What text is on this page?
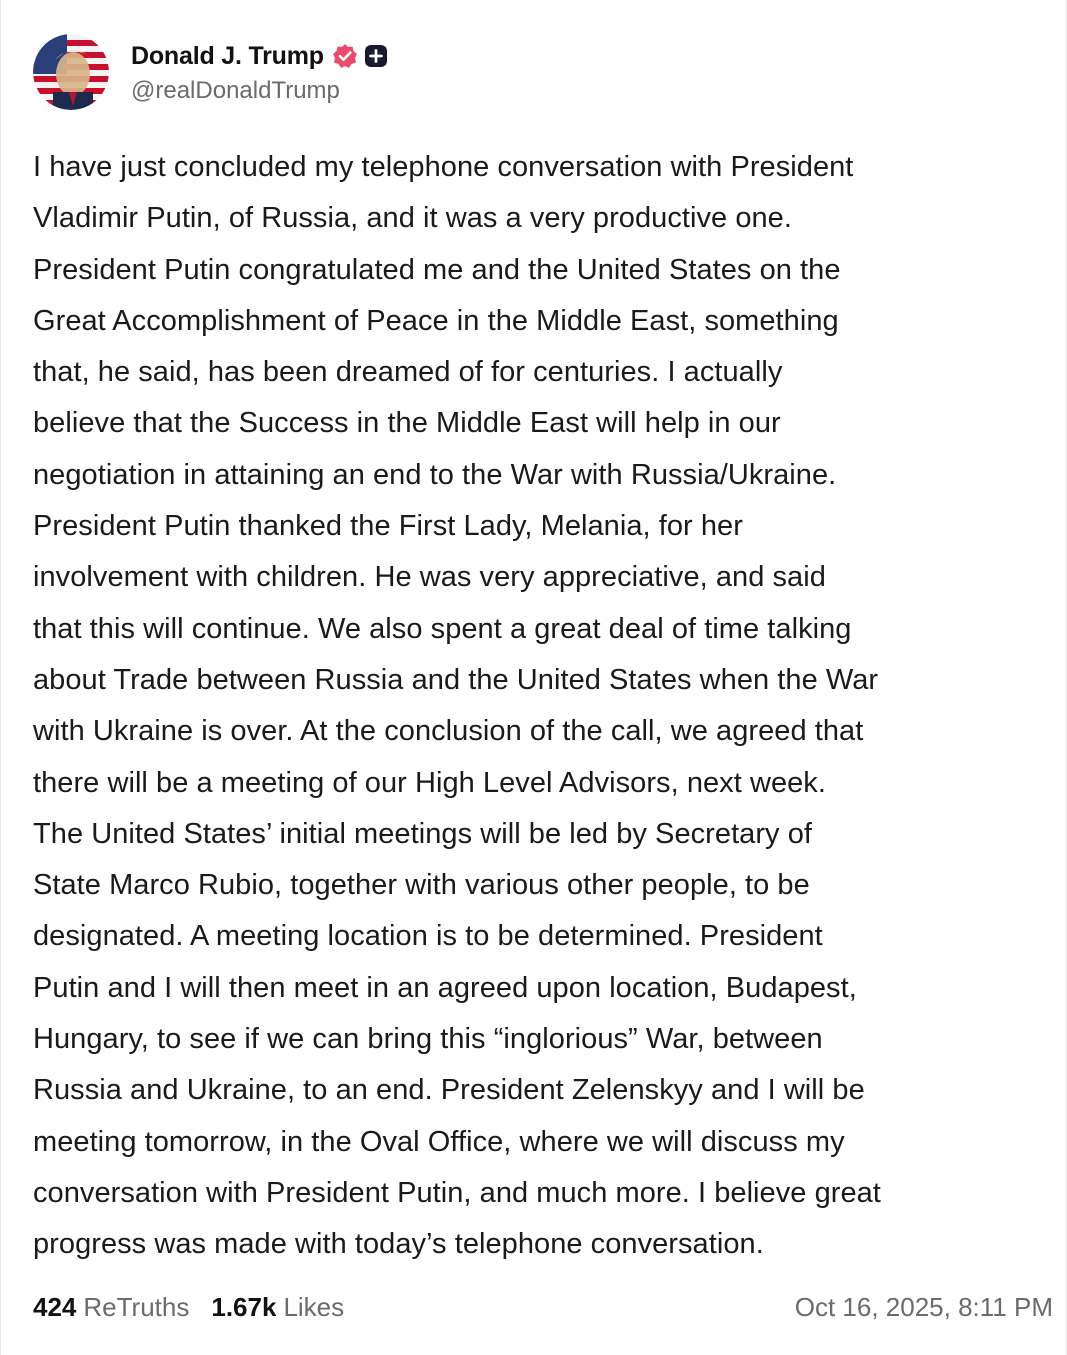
Donald J. Trump
@realDonaldTrump
I have just concluded my telephone conversation with President
Vladimir Putin, of Russia, and it was a very productive one.
President Putin congratulated me and the United States on the
Great Accomplishment of Peace in the Middle East, something
that, he said, has been dreamed of for centuries. I actually
believe that the Success in the Middle East will help in our
negotiation in attaining an end to the War with Russia/Ukraine.
President Putin thanked the First Lady, Melania, for her
involvement with children. He was very appreciative, and said
that this will continue. We also spent a great deal of time talking
about Trade between Russia and the United States when the War
with Ukraine is over. At the conclusion of the call, we agreed that
there will be a meeting of our High Level Advisors, next week.
The United States’ initial meetings will be led by Secretary of
State Marco Rubio, together with various other people, to be
designated. A meeting location is to be determined. President
Putin and I will then meet in an agreed upon location, Budapest,
Hungary, to see if we can bring this “inglorious” War, between
Russia and Ukraine, to an end. President Zelenskyy and I will be
meeting tomorrow, in the Oval Office, where we will discuss my
conversation with President Putin, and much more. I believe great
progress was made with today’s telephone conversation.
424 ReTruths 1.67k Likes	Oct 16, 2025, 8:11 PM
